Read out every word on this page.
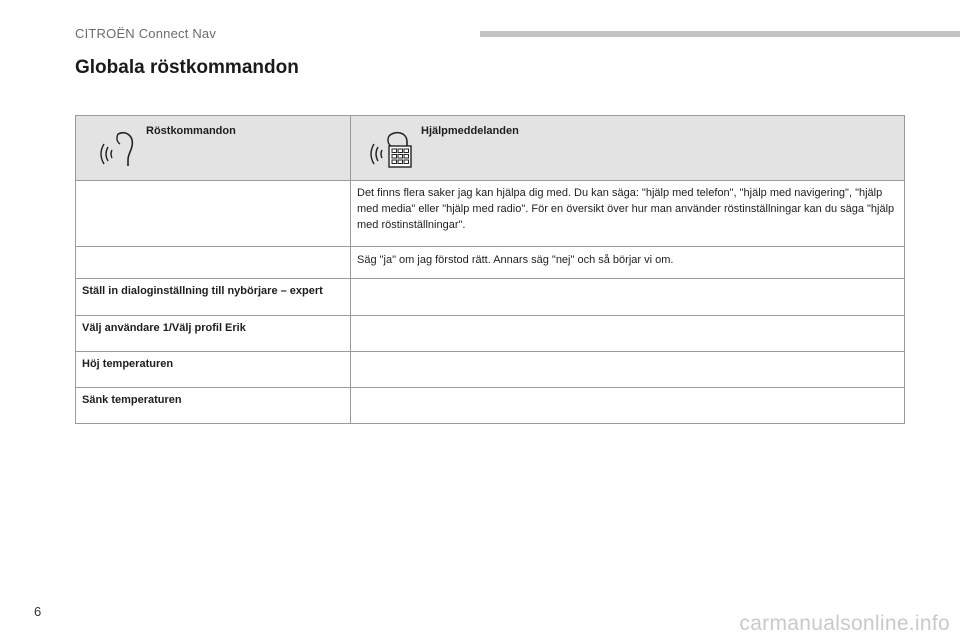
CITROËN Connect Nav
Globala röstkommandon
Röstkommandon	Hjälpmeddelanden

	Det finns flera saker jag kan hjälpa dig med. Du kan säga: "hjälp med telefon", "hjälp med navigering", "hjälp med media" eller "hjälp med radio". För en översikt över hur man använder röstinställningar kan du säga "hjälp med röstinställningar".
	Säg "ja" om jag förstod rätt. Annars säg "nej" och så börjar vi om.
Ställ in dialoginställning till nybörjare – expert	
Välj användare 1/Välj profil Erik	
Höj temperaturen	
Sänk temperaturen	
6
carmanualsonline.info
